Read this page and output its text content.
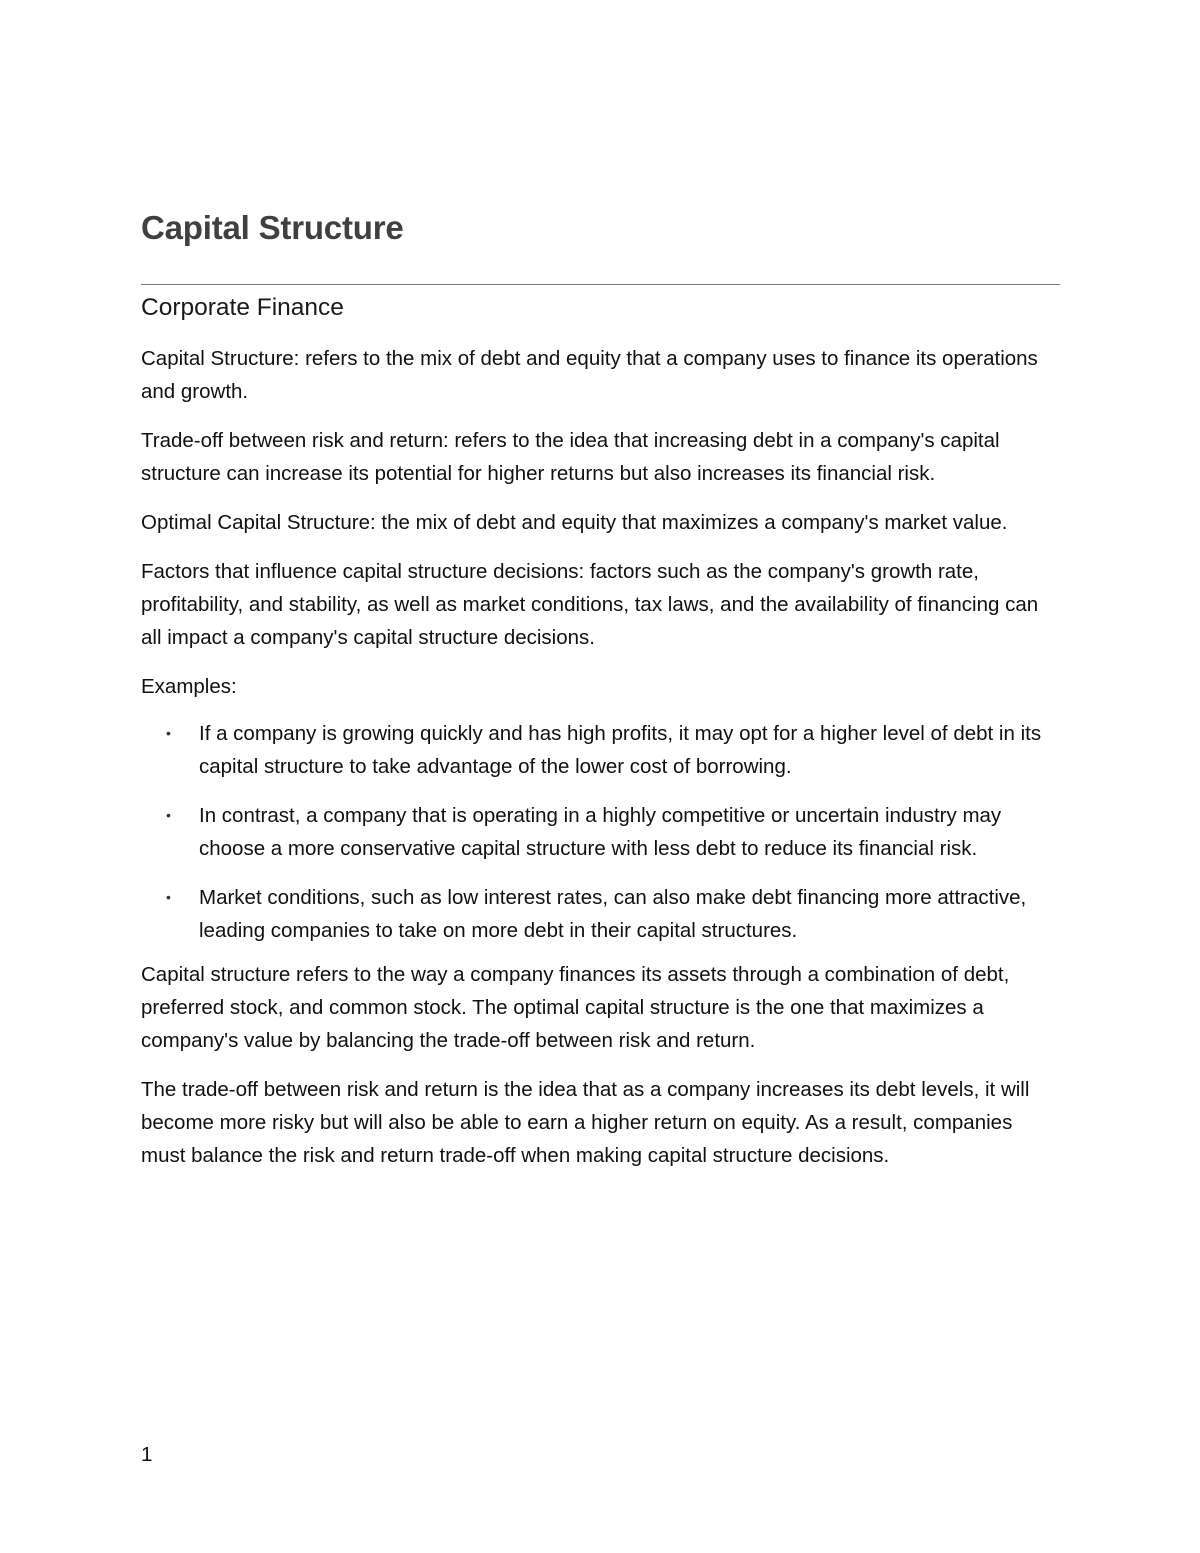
Capital Structure
Corporate Finance

Capital Structure: refers to the mix of debt and equity that a company uses to finance its operations and growth.

Trade-off between risk and return: refers to the idea that increasing debt in a company's capital structure can increase its potential for higher returns but also increases its financial risk.

Optimal Capital Structure: the mix of debt and equity that maximizes a company's market value.

Factors that influence capital structure decisions: factors such as the company's growth rate, profitability, and stability, as well as market conditions, tax laws, and the availability of financing can all impact a company's capital structure decisions.

Examples:

• If a company is growing quickly and has high profits, it may opt for a higher level of debt in its capital structure to take advantage of the lower cost of borrowing.
• In contrast, a company that is operating in a highly competitive or uncertain industry may choose a more conservative capital structure with less debt to reduce its financial risk.
• Market conditions, such as low interest rates, can also make debt financing more attractive, leading companies to take on more debt in their capital structures.

Capital structure refers to the way a company finances its assets through a combination of debt, preferred stock, and common stock. The optimal capital structure is the one that maximizes a company's value by balancing the trade-off between risk and return.

The trade-off between risk and return is the idea that as a company increases its debt levels, it will become more risky but will also be able to earn a higher return on equity. As a result, companies must balance the risk and return trade-off when making capital structure decisions.

1
